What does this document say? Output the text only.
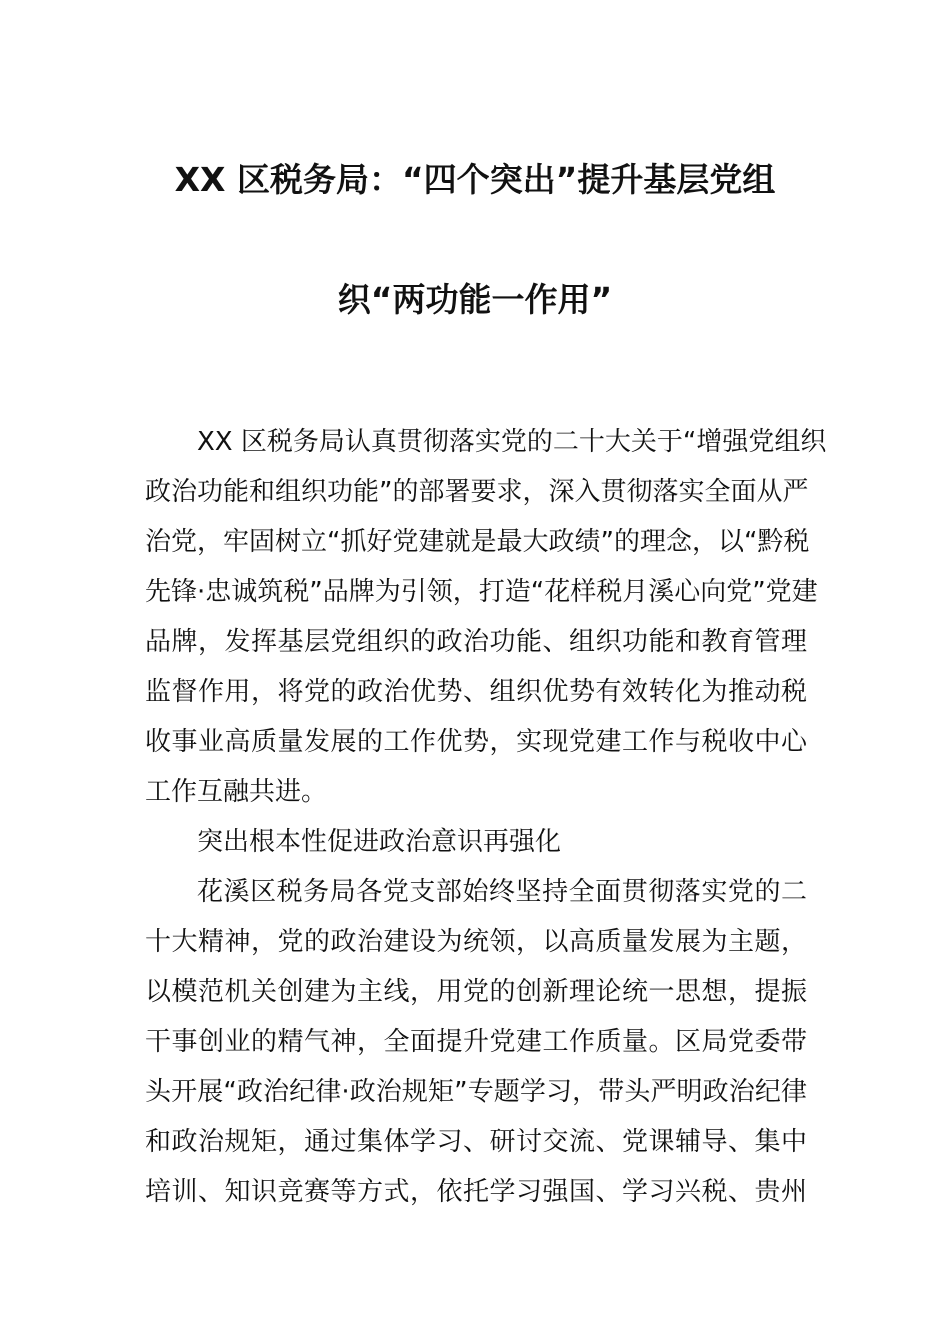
XX 区税务局：“四个突出”提升基层党组
织“两功能一作用”

XX 区税务局认真贯彻落实党的二十大关于“增强党组织
政治功能和组织功能”的部署要求，深入贯彻落实全面从严
治党，牢固树立“抓好党建就是最大政绩”的理念，以“黔税
先锋·忠诚筑税”品牌为引领，打造“花样税月溪心向党”党建
品牌，发挥基层党组织的政治功能、组织功能和教育管理
监督作用，将党的政治优势、组织优势有效转化为推动税
收事业高质量发展的工作优势，实现党建工作与税收中心
工作互融共进。

突出根本性促进政治意识再强化

花溪区税务局各党支部始终坚持全面贯彻落实党的二
十大精神，党的政治建设为统领，以高质量发展为主题，
以模范机关创建为主线，用党的创新理论统一思想，提振
干事创业的精气神，全面提升党建工作质量。区局党委带
头开展“政治纪律·政治规矩”专题学习，带头严明政治纪律
和政治规矩，通过集体学习、研讨交流、党课辅导、集中
培训、知识竞赛等方式，依托学习强国、学习兴税、贵州
